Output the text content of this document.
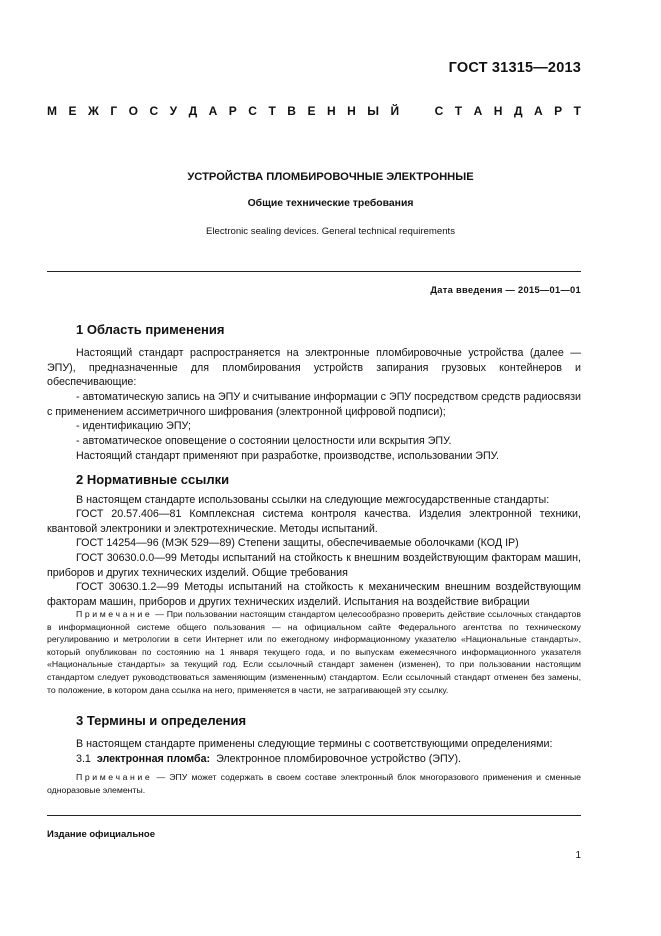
ГОСТ 31315—2013
М Е Ж Г О С У Д А Р С Т В Е Н Н Ы Й   С Т А Н Д А Р Т
УСТРОЙСТВА ПЛОМБИРОВОЧНЫЕ ЭЛЕКТРОННЫЕ
Общие технические требования
Electronic sealing devices. General technical requirements
Дата введения — 2015—01—01
1 Область применения

Настоящий стандарт распространяется на электронные пломбировочные устройства (далее — ЭПУ), предназначенные для пломбирования устройств запирания грузовых контейнеров и обеспечивающие:

- автоматическую запись на ЭПУ и считывание информации с ЭПУ посредством средств радиосвязи с применением ассиметричного шифрования (электронной цифровой подписи);

- идентификацию ЭПУ;

- автоматическое оповещение о состоянии целостности или вскрытия ЭПУ.

Настоящий стандарт применяют при разработке, производстве, использовании ЭПУ.

2 Нормативные ссылки

В настоящем стандарте использованы ссылки на следующие межгосударственные стандарты:

ГОСТ 20.57.406—81 Комплексная система контроля качества. Изделия электронной техники, квантовой электроники и электротехнические. Методы испытаний.

ГОСТ 14254—96 (МЭК 529—89) Степени защиты, обеспечиваемые оболочками (КОД IP)

ГОСТ 30630.0.0—99 Методы испытаний на стойкость к внешним воздействующим факторам машин, приборов и других технических изделий. Общие требования

ГОСТ 30630.1.2—99 Методы испытаний на стойкость к механическим внешним воздействующим факторам машин, приборов и других технических изделий. Испытания на воздействие вибрации

Примечание — При пользовании настоящим стандартом целесообразно проверить действие ссылочных стандартов в информационной системе общего пользования — на официальном сайте Федерального агентства по техническому регулированию и метрологии в сети Интернет или по ежегодному информационному указателю «Национальные стандарты», который опубликован по состоянию на 1 января текущего года, и по выпускам ежемесячного информационного указателя «Национальные стандарты» за текущий год. Если ссылочный стандарт заменен (изменен), то при пользовании настоящим стандартом следует руководствоваться заменяющим (измененным) стандартом. Если ссылочный стандарт отменен без замены, то положение, в котором дана ссылка на него, применяется в части, не затрагивающей эту ссылку.

3 Термины и определения

В настоящем стандарте применены следующие термины с соответствующими определениями:

3.1 электронная пломба: Электронное пломбировочное устройство (ЭПУ).

Примечание — ЭПУ может содержать в своем составе электронный блок многоразового применения и сменные одноразовые элементы.

Издание официальное
1
